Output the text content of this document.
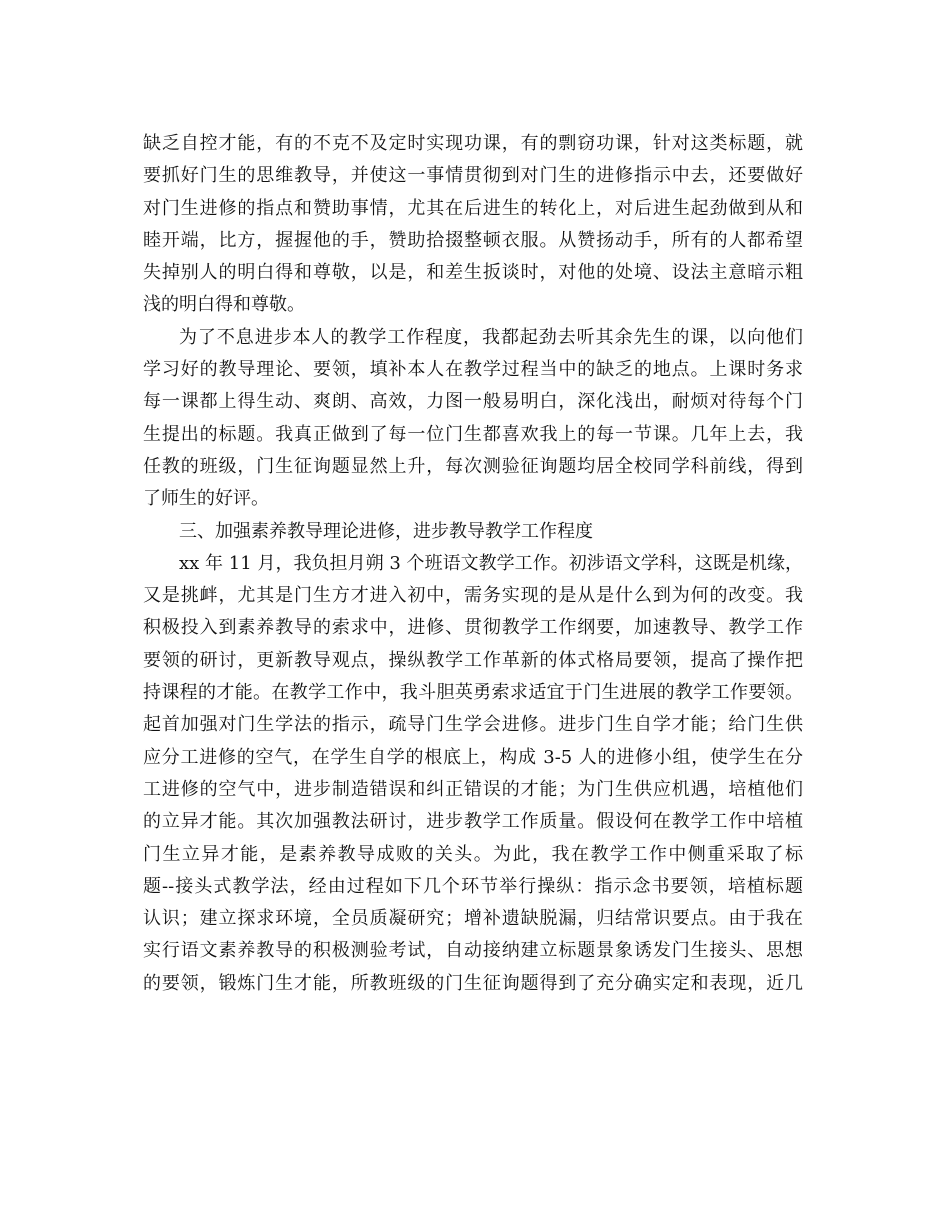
缺乏自控才能，有的不克不及定时实现功课，有的剽窃功课，针对这类标题，就
要抓好门生的思维教导，并使这一事情贯彻到对门生的进修指示中去，还要做好
对门生进修的指点和赞助事情，尤其在后进生的转化上，对后进生起劲做到从和
睦开端，比方，握握他的手，赞助拾掇整顿衣服。从赞扬动手，所有的人都希望
失掉别人的明白得和尊敬，以是，和差生扳谈时，对他的处境、设法主意暗示粗
浅的明白得和尊敬。
为了不息进步本人的教学工作程度，我都起劲去听其余先生的课，以向他们
学习好的教导理论、要领，填补本人在教学过程当中的缺乏的地点。上课时务求
每一课都上得生动、爽朗、高效，力图一般易明白，深化浅出，耐烦对待每个门
生提出的标题。我真正做到了每一位门生都喜欢我上的每一节课。几年上去，我
任教的班级，门生征询题显然上升，每次测验征询题均居全校同学科前线，得到
了师生的好评。
三、加强素养教导理论进修，进步教导教学工作程度
xx 年 11 月，我负担月朔 3 个班语文教学工作。初涉语文学科，这既是机缘，
又是挑衅，尤其是门生方才进入初中，需务实现的是从是什么到为何的改变。我
积极投入到素养教导的索求中，进修、贯彻教学工作纲要，加速教导、教学工作
要领的研讨，更新教导观点，操纵教学工作革新的体式格局要领，提高了操作把
持课程的才能。在教学工作中，我斗胆英勇索求适宜于门生进展的教学工作要领。
起首加强对门生学法的指示，疏导门生学会进修。进步门生自学才能；给门生供
应分工进修的空气，在学生自学的根底上，构成 3-5 人的进修小组，使学生在分
工进修的空气中，进步制造错误和纠正错误的才能；为门生供应机遇，培植他们
的立异才能。其次加强教法研讨，进步教学工作质量。假设何在教学工作中培植
门生立异才能，是素养教导成败的关头。为此，我在教学工作中侧重采取了标
题--接头式教学法，经由过程如下几个环节举行操纵：指示念书要领，培植标题
认识；建立探求环境，全员质凝研究；增补遗缺脱漏，归结常识要点。由于我在
实行语文素养教导的积极测验考试，自动接纳建立标题景象诱发门生接头、思想
的要领，锻炼门生才能，所教班级的门生征询题得到了充分确实定和表现，近几
